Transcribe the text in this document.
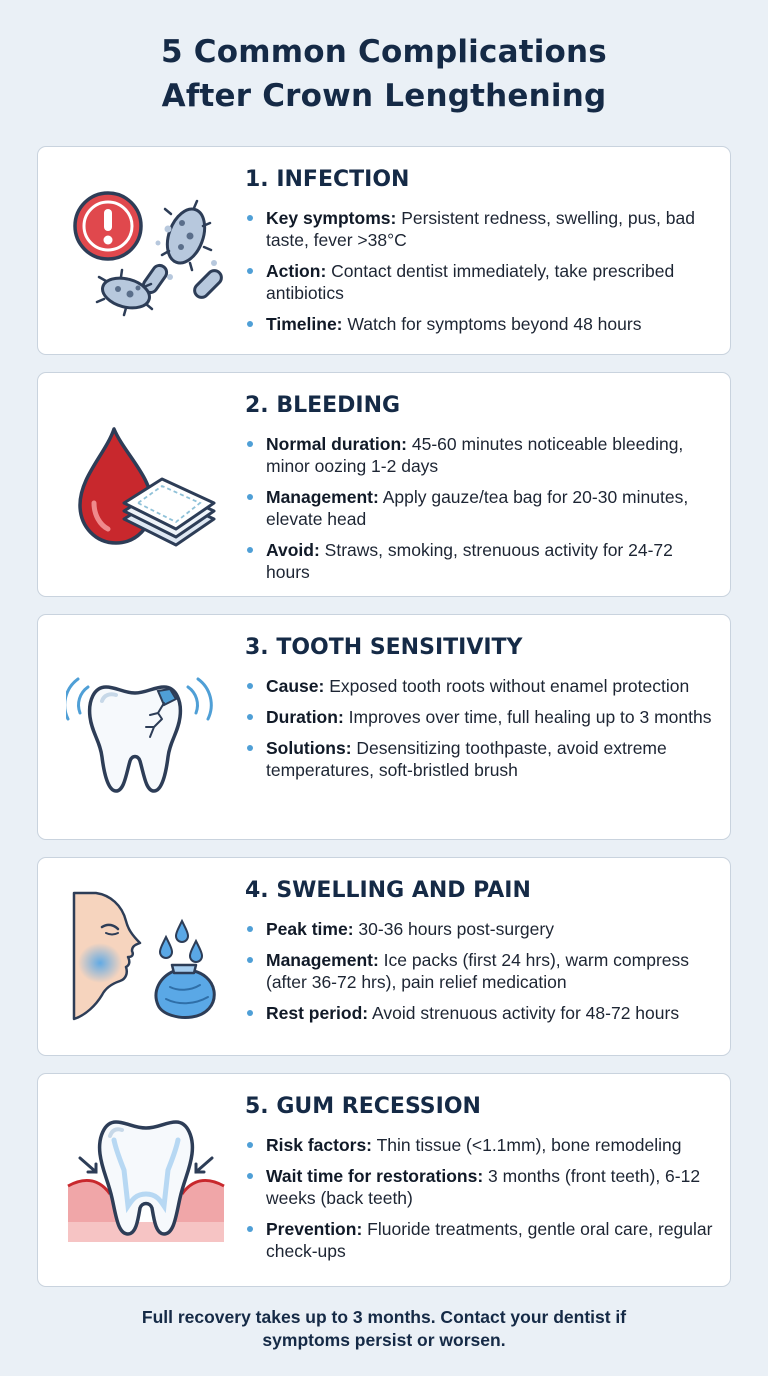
5 Common Complications
After Crown Lengthening
1. INFECTION
Key symptoms: Persistent redness, swelling, pus, bad taste, fever >38°C
Action: Contact dentist immediately, take prescribed antibiotics
Timeline: Watch for symptoms beyond 48 hours
2. BLEEDING
Normal duration: 45-60 minutes noticeable bleeding, minor oozing 1-2 days
Management: Apply gauze/tea bag for 20-30 minutes, elevate head
Avoid: Straws, smoking, strenuous activity for 24-72 hours
3. TOOTH SENSITIVITY
Cause: Exposed tooth roots without enamel protection
Duration: Improves over time, full healing up to 3 months
Solutions: Desensitizing toothpaste, avoid extreme temperatures, soft-bristled brush
4. SWELLING AND PAIN
Peak time: 30-36 hours post-surgery
Management: Ice packs (first 24 hrs), warm compress (after 36-72 hrs), pain relief medication
Rest period: Avoid strenuous activity for 48-72 hours
5. GUM RECESSION
Risk factors: Thin tissue (<1.1mm), bone remodeling
Wait time for restorations: 3 months (front teeth), 6-12 weeks (back teeth)
Prevention: Fluoride treatments, gentle oral care, regular check-ups

Full recovery takes up to 3 months. Contact your dentist if
symptoms persist or worsen.
